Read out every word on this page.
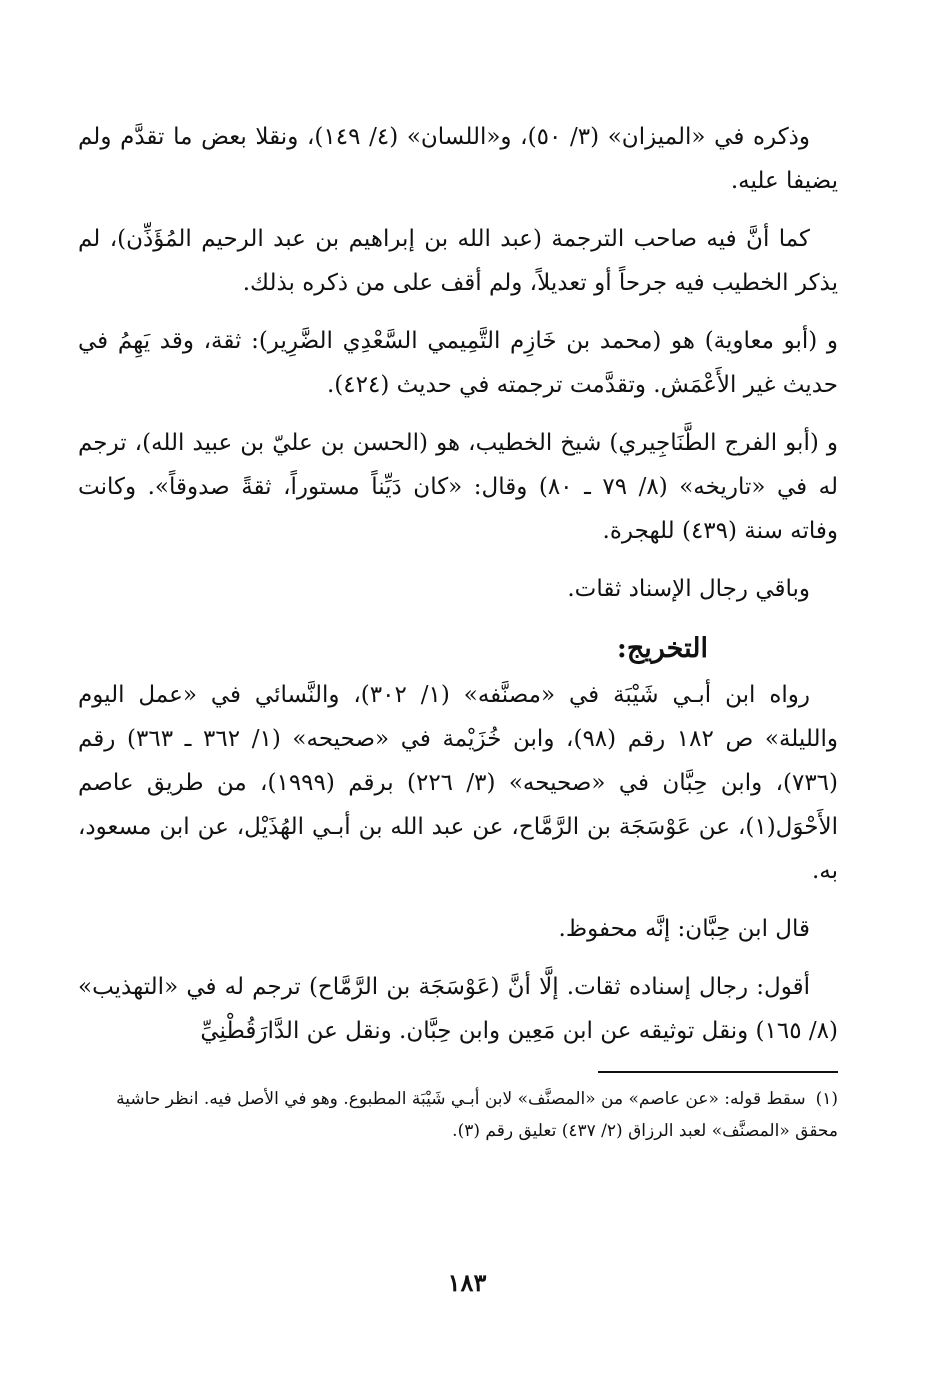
وذكره في «الميزان» (٣/ ٥٠)، و«اللسان» (٤/ ١٤٩)، ونقلا بعض ما تقدَّم ولم يضيفا عليه.

كما أنَّ فيه صاحب الترجمة (عبد الله بن إبراهيم بن عبد الرحيم المُؤَذِّن)، لم يذكر الخطيب فيه جرحاً أو تعديلاً، ولم أقف على من ذكره بذلك.

و (أبو معاوية) هو (محمد بن خَازِم التَّمِيمي السَّعْدِي الضَّرِير): ثقة، وقد يَهِمُ في حديث غير الأَعْمَش. وتقدَّمت ترجمته في حديث (٤٢٤).

و (أبو الفرج الطَّنَاجِيري) شيخ الخطيب، هو (الحسن بن عليّ بن عبيد الله)، ترجم له في «تاريخه» (٨/ ٧٩ ـ ٨٠) وقال: «كان دَيِّناً مستوراً، ثقةً صدوقاً». وكانت وفاته سنة (٤٣٩) للهجرة.

وباقي رجال الإسناد ثقات.

التخريج:

رواه ابن أبـي شَيْبَة في «مصنَّفه» (١/ ٣٠٢)، والنَّسائي في «عمل اليوم والليلة» ص ١٨٢ رقم (٩٨)، وابن خُزَيْمة في «صحيحه» (١/ ٣٦٢ ـ ٣٦٣) رقم (٧٣٦)، وابن حِبَّان في «صحيحه» (٣/ ٢٢٦) برقم (١٩٩٩)، من طريق عاصم الأَحْوَل(١)، عن عَوْسَجَة بن الرَّمَّاح، عن عبد الله بن أبـي الهُذَيْل، عن ابن مسعود، به.

قال ابن حِبَّان: إنَّه محفوظ.

أقول: رجال إسناده ثقات. إلَّا أنَّ (عَوْسَجَة بن الرَّمَّاح) ترجم له في «التهذيب» (٨/ ١٦٥) ونقل توثيقه عن ابن مَعِين وابن حِبَّان. ونقل عن الدَّارَقُطْنِيِّ

(١)سقط قوله: «عن عاصم» من «المصنَّف» لابن أبـي شَيْبَة المطبوع. وهو في الأصل فيه. انظر حاشية محقق «المصنَّف» لعبد الرزاق (٢/ ٤٣٧) تعليق رقم (٣).

١٨٣
